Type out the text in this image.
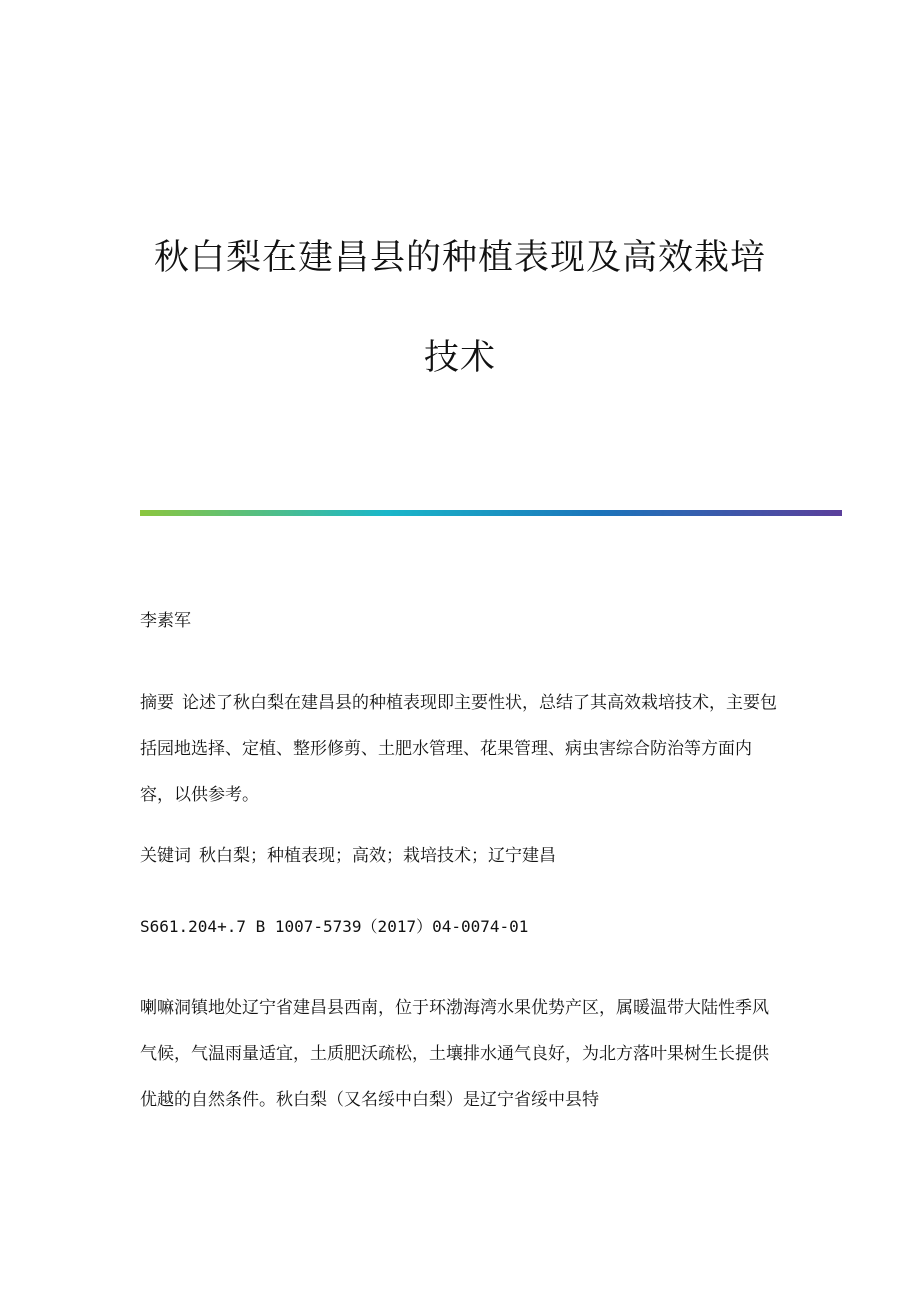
秋白梨在建昌县的种植表现及高效栽培
技术

李素军

摘要 论述了秋白梨在建昌县的种植表现即主要性状，总结了其高效栽培技术，主要包括园地选择、定植、整形修剪、土肥水管理、花果管理、病虫害综合防治等方面内容，以供参考。

关键词 秋白梨；种植表现；高效；栽培技术；辽宁建昌

S661.204+.7 B 1007-5739（2017）04-0074-01

喇嘛洞镇地处辽宁省建昌县西南，位于环渤海湾水果优势产区，属暖温带大陆性季风气候，气温雨量适宜，土质肥沃疏松，土壤排水通气良好，为北方落叶果树生长提供优越的自然条件。秋白梨（又名绥中白梨）是辽宁省绥中县特
